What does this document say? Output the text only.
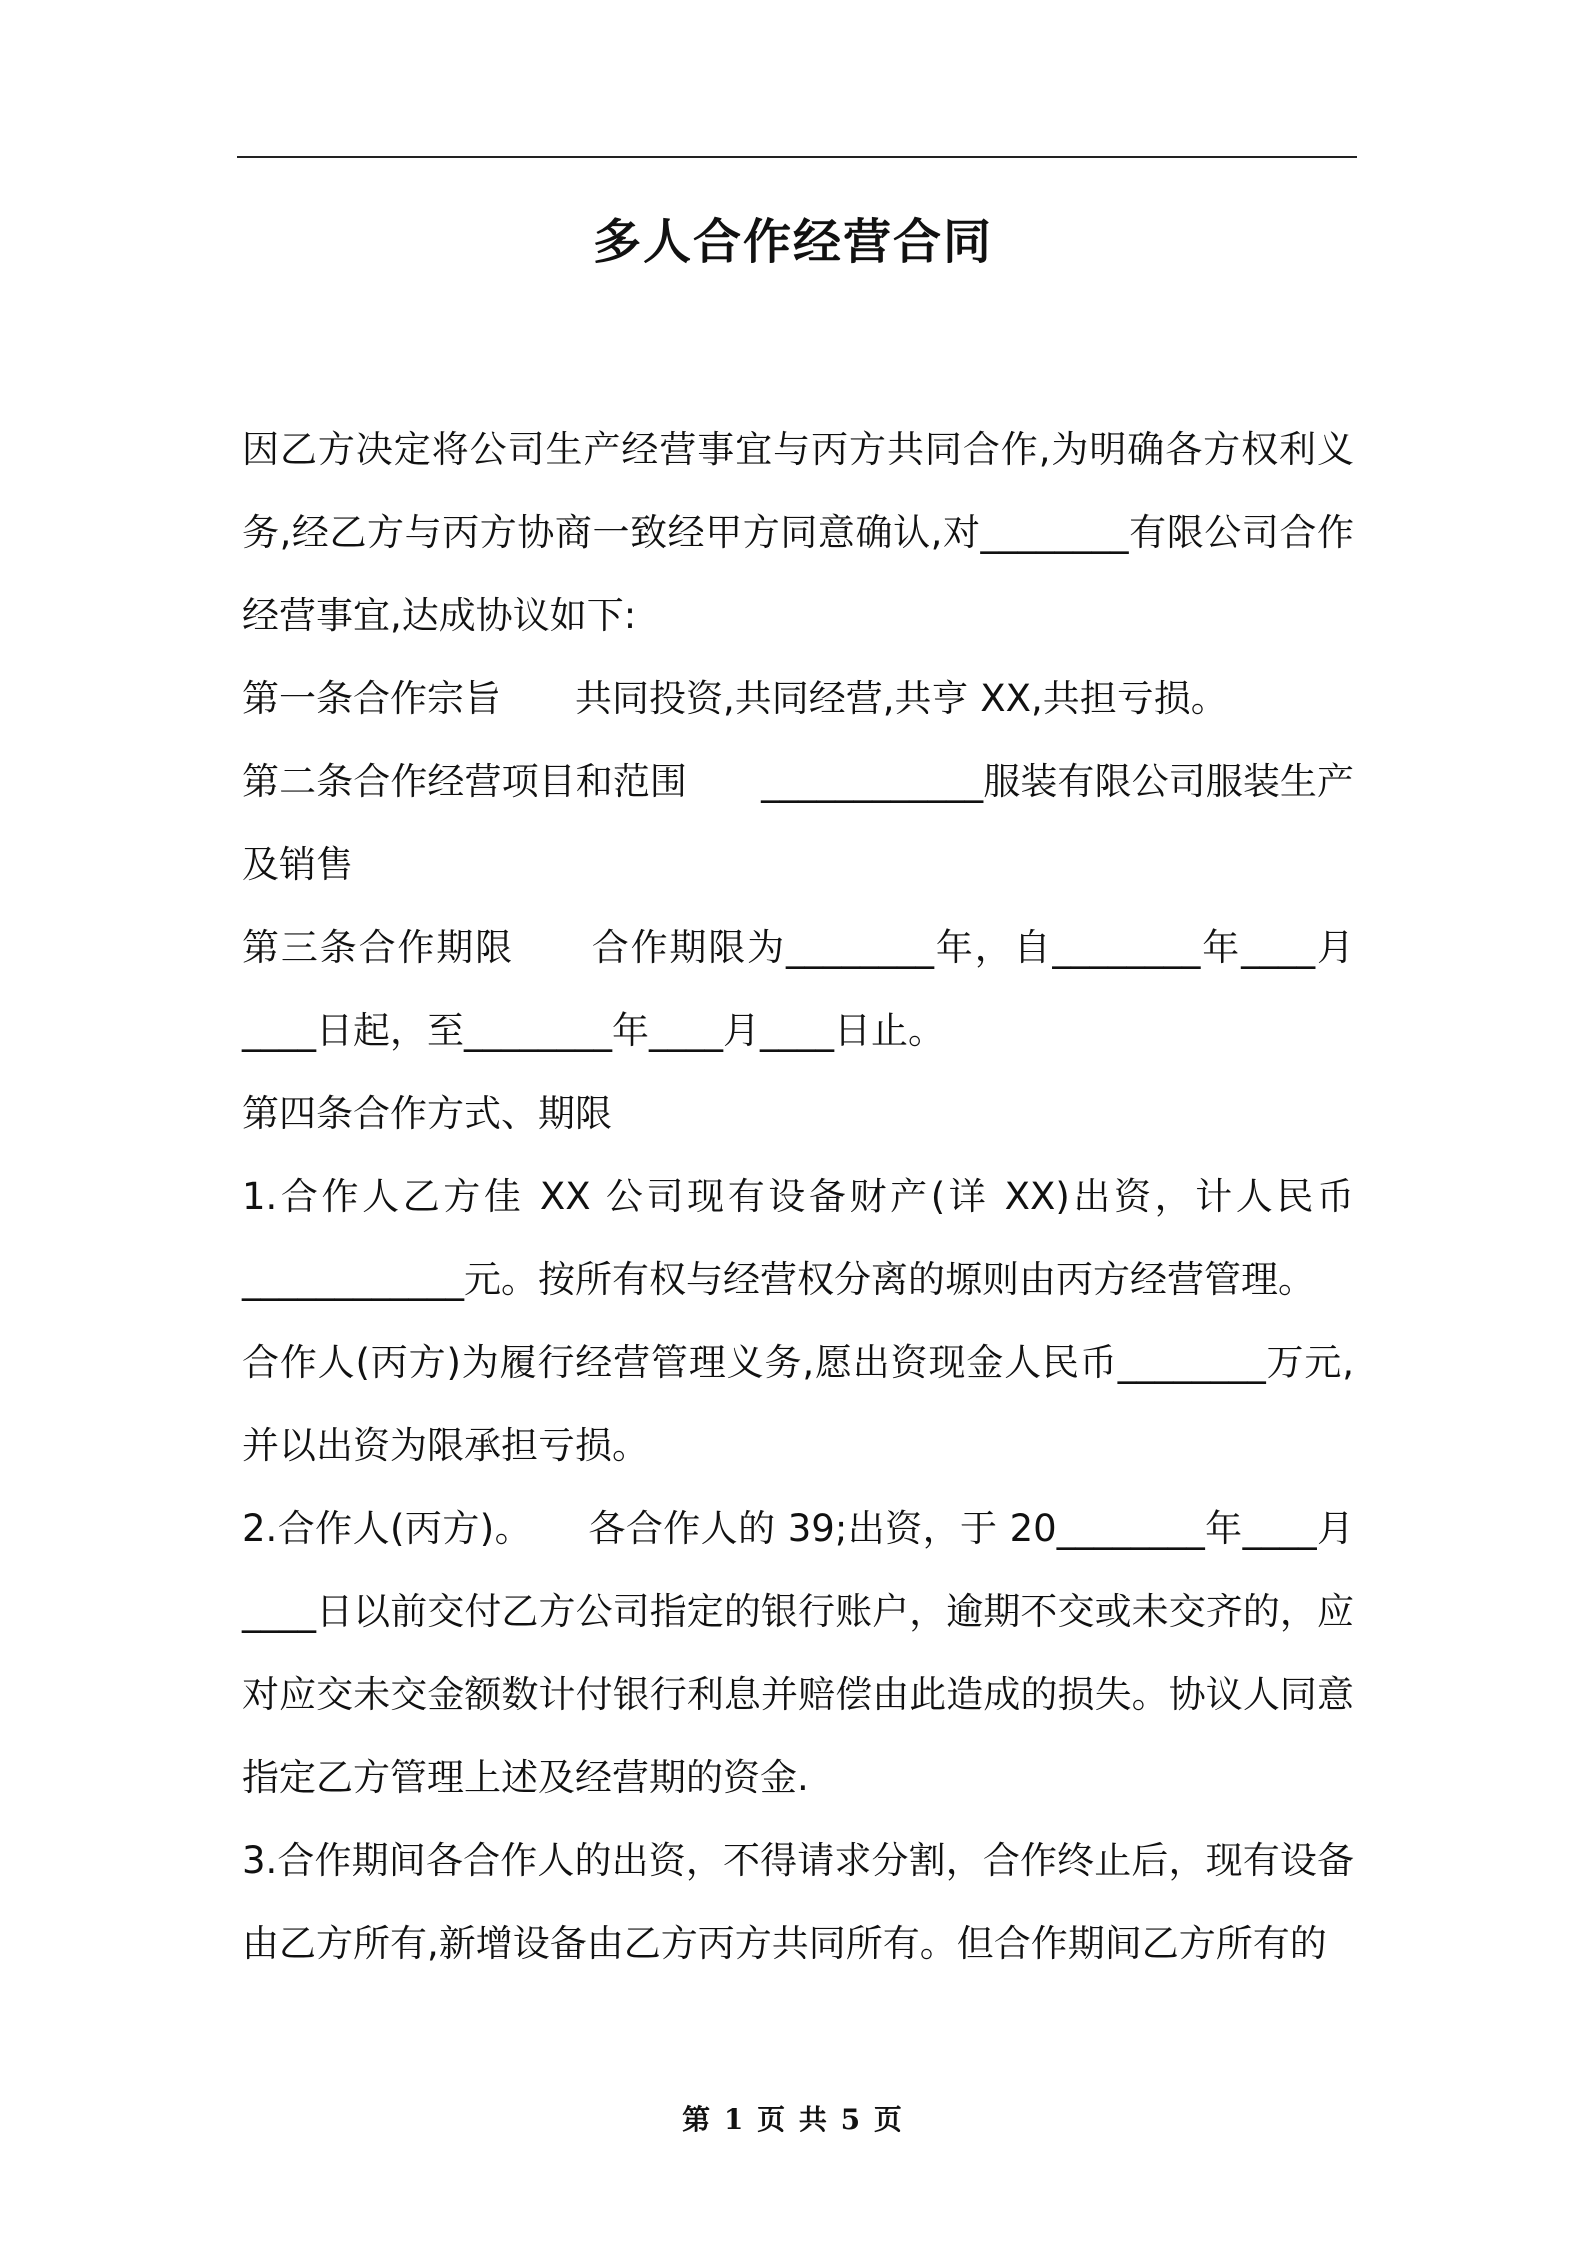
多人合作经营合同

因乙方决定将公司生产经营事宜与丙方共同合作,为明确各方权利义务,经乙方与丙方协商一致经甲方同意确认,对________有限公司合作经营事宜,达成协议如下:

第一条合作宗旨　　共同投资,共同经营,共亨 XX,共担亏损。

第二条合作经营项目和范围　　____________服装有限公司服装生产及销售

第三条合作期限　　合作期限为________年，自________年____月____日起，至________年____月____日止。

第四条合作方式、期限

1.合作人乙方佳 XX 公司现有设备财产(详 XX)出资，计人民币____________元。按所有权与经营权分离的塬则由丙方经营管理。

合作人(丙方)为履行经营管理义务,愿出资现金人民币________万元,并以出资为限承担亏损。

2.合作人(丙方)。　　各合作人的 39;出资，于 20________年____月____日以前交付乙方公司指定的银行账户，逾期不交或未交齐的，应对应交未交金额数计付银行利息并赔偿由此造成的损失。协议人同意指定乙方管理上述及经营期的资金.

3.合作期间各合作人的出资，不得请求分割，合作终止后，现有设备由乙方所有,新增设备由乙方丙方共同所有。但合作期间乙方所有的

第 1 页 共 5 页
